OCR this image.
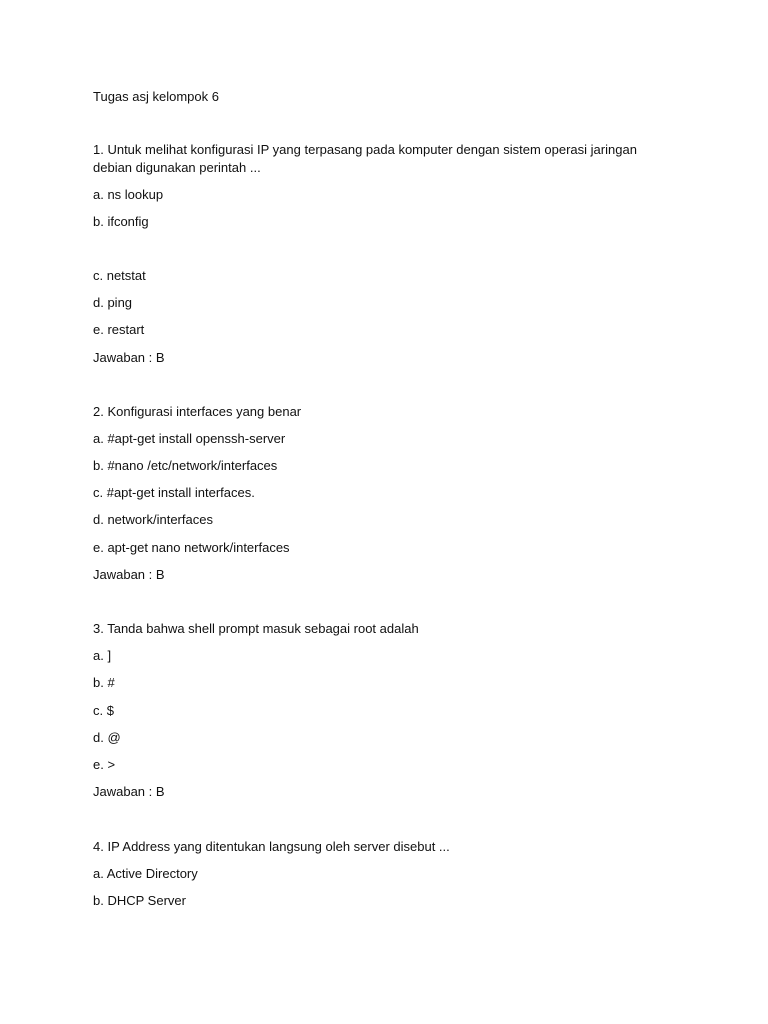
Tugas asj kelompok 6
1. Untuk melihat konfigurasi IP yang terpasang pada komputer dengan sistem operasi jaringan
debian digunakan perintah ...
a. ns lookup
b. ifconfig
c. netstat
d. ping
e. restart
Jawaban : B
2. Konfigurasi interfaces yang benar
a. #apt-get install openssh-server
b. #nano /etc/network/interfaces
c. #apt-get install interfaces.
d. network/interfaces
e. apt-get nano network/interfaces
Jawaban : B
3. Tanda bahwa shell prompt masuk sebagai root adalah
a. ]
b. #
c. $
d. @
e. >
Jawaban : B
4. IP Address yang ditentukan langsung oleh server disebut ...
a. Active Directory
b. DHCP Server
